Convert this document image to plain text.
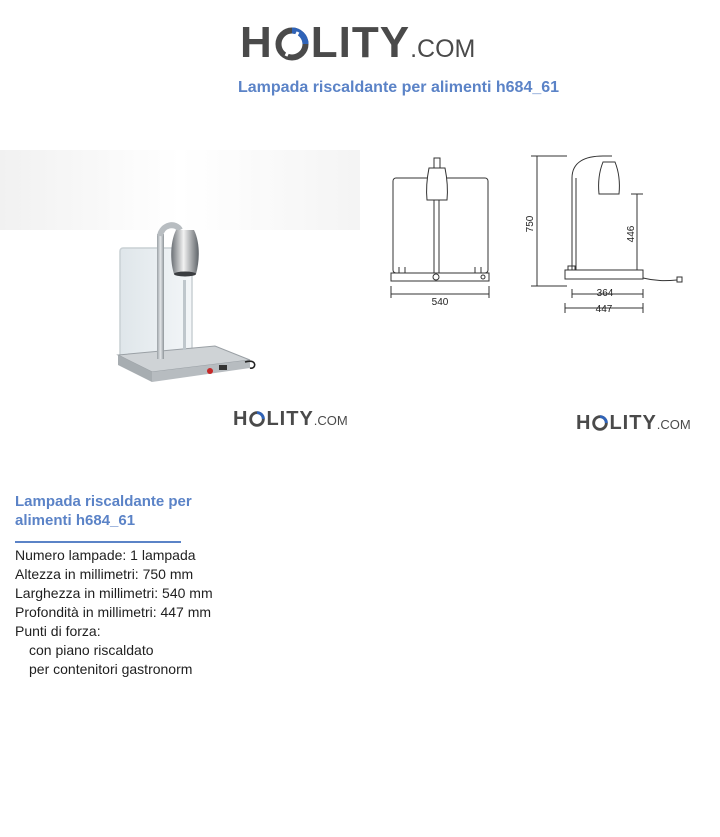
H LITY .COM
Lampada riscaldante per alimenti h684_61
540
750
446
364
447
H LITY .COM	H LITY .COM
Lampada riscaldante per alimenti h684_61
Numero lampade: 1 lampada
Altezza in millimetri: 750 mm
Larghezza in millimetri: 540 mm
Profondità in millimetri: 447 mm
Punti di forza:
con piano riscaldato
per contenitori gastronorm
